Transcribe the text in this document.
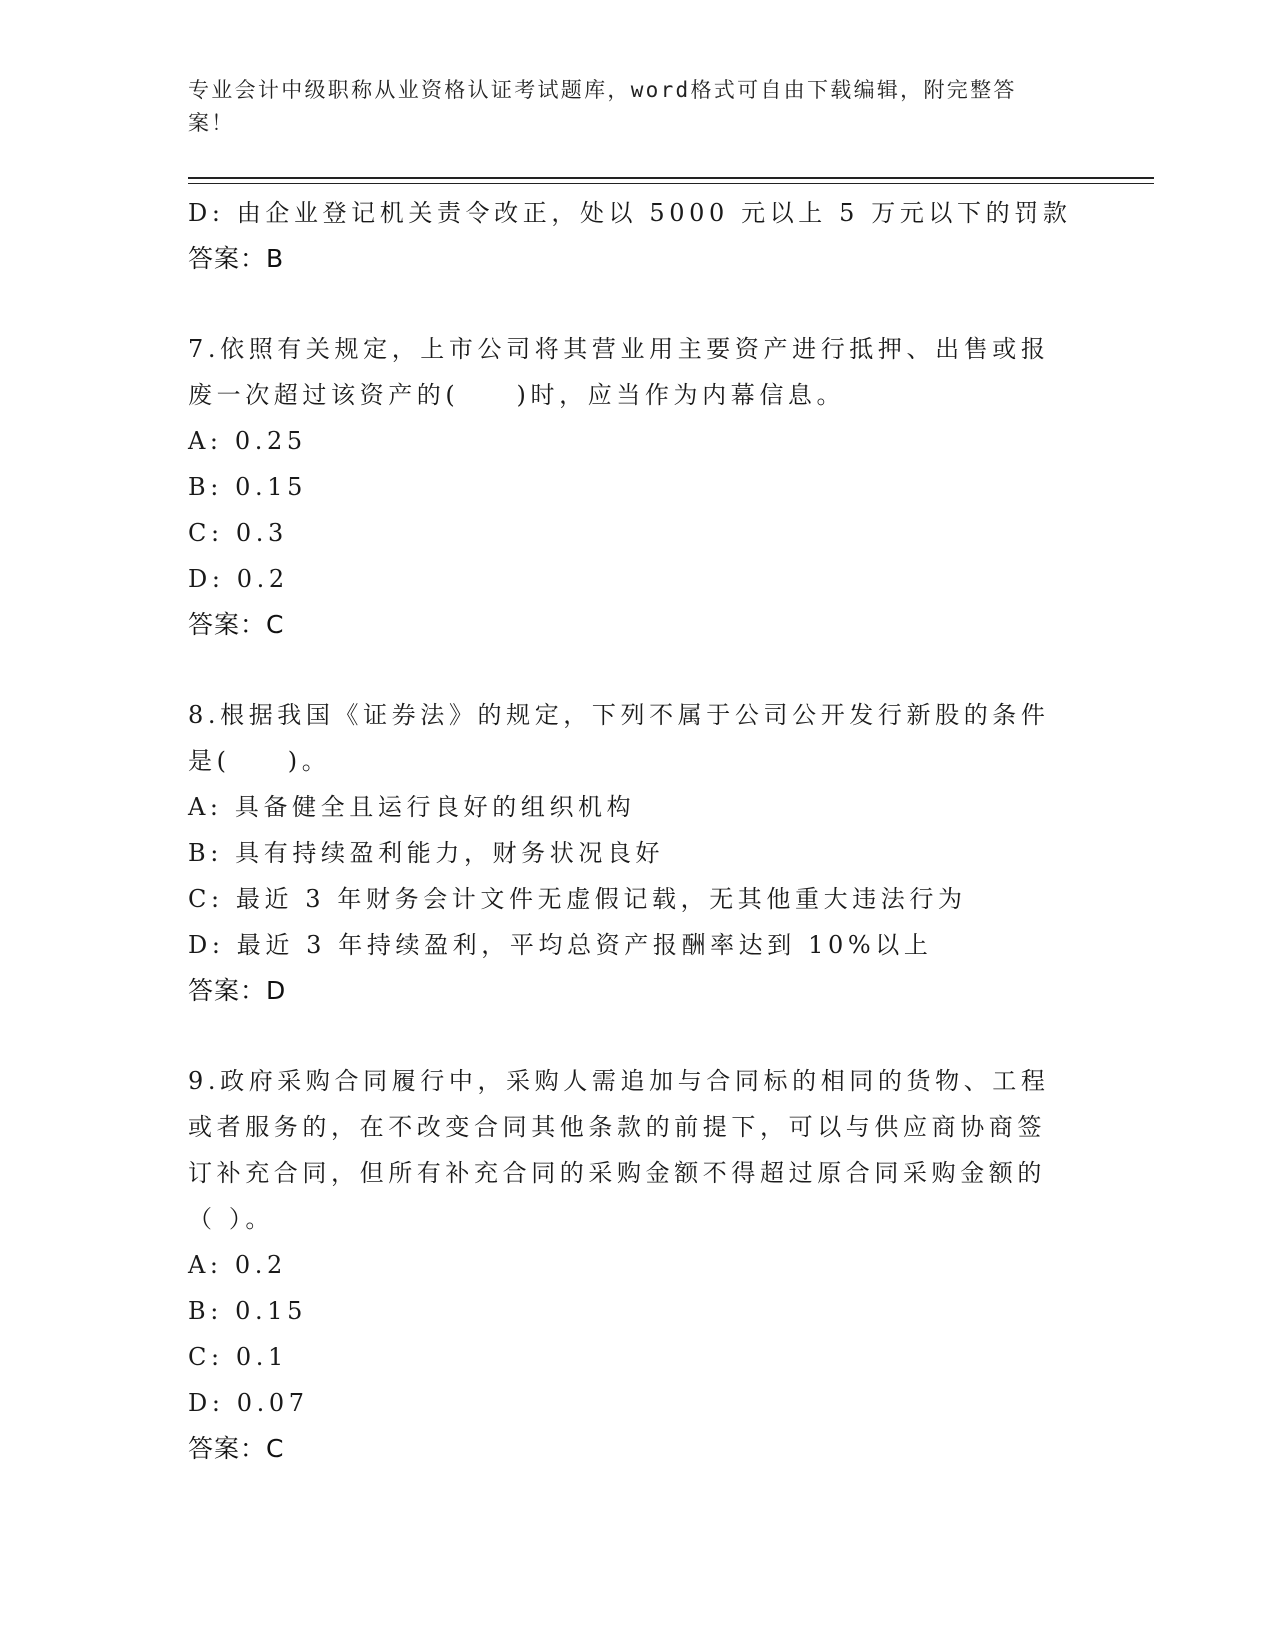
专业会计中级职称从业资格认证考试题库，word格式可自由下载编辑，附完整答
案！
D: 由企业登记机关责令改正，处以 5000 元以上 5 万元以下的罚款
答案：B
7.依照有关规定，上市公司将其营业用主要资产进行抵押、出售或报
废一次超过该资产的(　　)时，应当作为内幕信息。
A: 0.25
B: 0.15
C: 0.3
D: 0.2
答案：C
8.根据我国《证券法》的规定，下列不属于公司公开发行新股的条件
是(　　)。
A: 具备健全且运行良好的组织机构
B: 具有持续盈利能力，财务状况良好
C: 最近 3 年财务会计文件无虚假记载，无其他重大违法行为
D: 最近 3 年持续盈利，平均总资产报酬率达到 10%以上
答案：D
9.政府采购合同履行中，采购人需追加与合同标的相同的货物、工程
或者服务的，在不改变合同其他条款的前提下，可以与供应商协商签
订补充合同，但所有补充合同的采购金额不得超过原合同采购金额的
（ ）。
A: 0.2
B: 0.15
C: 0.1
D: 0.07
答案：C
